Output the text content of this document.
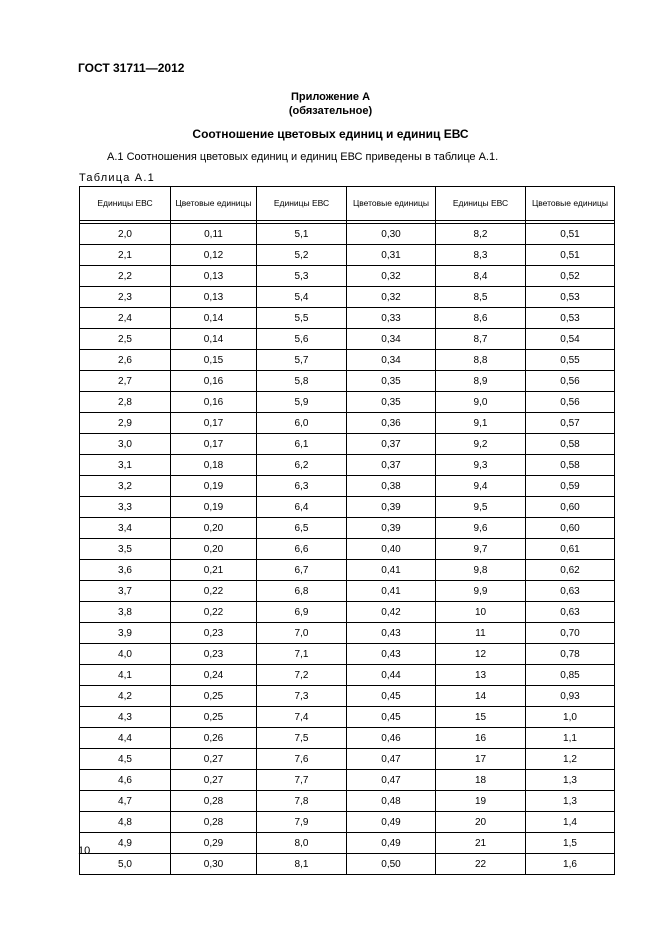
ГОСТ 31711—2012
Приложение А
(обязательное)
Соотношение цветовых единиц и единиц ЕВС
А.1 Соотношения цветовых единиц и единиц ЕВС приведены в таблице А.1.
Таблица А.1
Единицы ЕВС	Цветовые единицы	Единицы ЕВС	Цветовые единицы	Единицы ЕВС	Цветовые единицы

2,0	0,11	5,1	0,30	8,2	0,51
2,1	0,12	5,2	0,31	8,3	0,51
2,2	0,13	5,3	0,32	8,4	0,52
2,3	0,13	5,4	0,32	8,5	0,53
2,4	0,14	5,5	0,33	8,6	0,53
2,5	0,14	5,6	0,34	8,7	0,54
2,6	0,15	5,7	0,34	8,8	0,55
2,7	0,16	5,8	0,35	8,9	0,56
2,8	0,16	5,9	0,35	9,0	0,56
2,9	0,17	6,0	0,36	9,1	0,57
3,0	0,17	6,1	0,37	9,2	0,58
3,1	0,18	6,2	0,37	9,3	0,58
3,2	0,19	6,3	0,38	9,4	0,59
3,3	0,19	6,4	0,39	9,5	0,60
3,4	0,20	6,5	0,39	9,6	0,60
3,5	0,20	6,6	0,40	9,7	0,61
3,6	0,21	6,7	0,41	9,8	0,62
3,7	0,22	6,8	0,41	9,9	0,63
3,8	0,22	6,9	0,42	10	0,63
3,9	0,23	7,0	0,43	11	0,70
4,0	0,23	7,1	0,43	12	0,78
4,1	0,24	7,2	0,44	13	0,85
4,2	0,25	7,3	0,45	14	0,93
4,3	0,25	7,4	0,45	15	1,0
4,4	0,26	7,5	0,46	16	1,1
4,5	0,27	7,6	0,47	17	1,2
4,6	0,27	7,7	0,47	18	1,3
4,7	0,28	7,8	0,48	19	1,3
4,8	0,28	7,9	0,49	20	1,4
4,9	0,29	8,0	0,49	21	1,5
5,0	0,30	8,1	0,50	22	1,6
10
